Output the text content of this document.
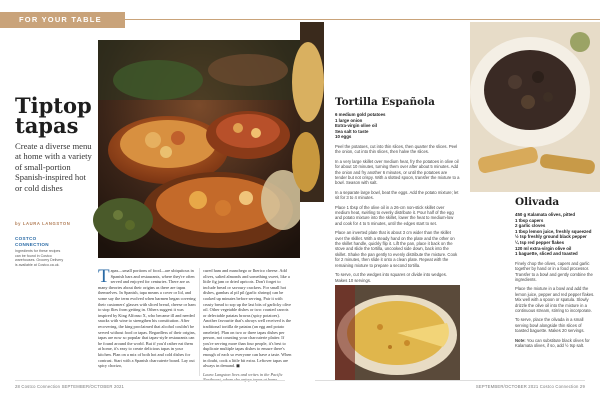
FOR YOUR TABLE
Tiptop tapas

Create a diverse menu at home with a variety of small-portion Spanish-inspired hot or cold dishes

by LAURA LANGSTON
COSTCO CONNECTION
Ingredients for these recipes can be found in Costco warehouses. Grocery Delivery is available at Costco.ca.uk.
Tapas—small portions of food—are ubiquitous in Spanish bars and restaurants, where they're often served and enjoyed for centuries. There are as many theories about their origins as there are tapas themselves. In Spanish, tapa means a cover or lid, and some say the term evolved when barmen began covering their customers' glasses with sliced bread, cheese or ham to stop flies from getting in. Others suggest it was inspired by King Alfonso X, who became ill and needed snacks with wine to strengthen his constitution. After recovering, the king proclaimed that alcohol couldn't be served without food or tapas. Regardless of their origins, tapas are now so popular that tapas-style restaurants can be found around the world. But if you'd rather eat them at home, it's easy to create delicious tapas in your kitchen. Plan on a mix of both hot and cold dishes for contrast. Start with a Spanish charcuterie board. Lay out spicy chorizo,
cured ham and manchego or Iberico cheese. Add olives, salted almonds and something sweet, like a little fig jam or dried apricots. Don't forget to include bread or savoury crackers. For small hot dishes, gambas al pil pil (garlic shrimp) can be cooked up minutes before serving. Pair it with crusty bread to sop up the last bits of garlicky olive oil. Other vegetable dishes or two: roasted carrots or delectable patatas bravas (spicy potatoes). Another favourite that's always well received is the traditional tortilla de patatas (an egg and potato omelette). Plan on two or three tapas dishes per person, not counting your charcuterie platter. If you're serving more than four people, it's best to duplicate multiple tapas dishes to ensure there's enough of each so everyone can have a taste. When in doubt, cook a little bit extra. Leftover tapas are always in demand. ◼
Laura Langston lives and writes in the Pacific
28 Costco Connection SEPTEMBER/OCTOBER 2021
Tortilla Española
6 medium gold potatoes
1 large onion
Extra-virgin olive oil
Sea salt to taste
10 eggs
Peel the potatoes, cut into thin slices, then quarter the slices. Peel the onion, cut into thin slices, then halve the slices.
In a very large skillet over medium heat, fry the potatoes in olive oil for about 10 minutes, turning them over after about 5 minutes. Add the onion and fry another 6 minutes, or until the potatoes are tender but not crispy. With a slotted spoon, transfer the mixture to a bowl. Season with salt.
In a separate large bowl, beat the eggs. Add the potato mixture; let sit for 3 to 4 minutes.
Place 1 tbsp of the olive oil in a 26-cm non-stick skillet over medium heat, swirling to evenly distribute it. Pour half of the egg and potato mixture into the skillet, lower the heat to medium-low and cook for 4 to 5 minutes, until the edges start to set.
Place an inverted plate that is about 3 cm wider than the skillet over the skillet. With a steady hand on the plate and the other on the skillet handle, quickly flip it. Lift the pan, place it back on the stove and slide the tortilla, uncooked side down, back into the skillet. Shake the pan gently to evenly distribute the mixture. Cook for 2 minutes, then slide it onto a clean plate. Repeat with the remaining mixture to prepare a second tortilla.
To serve, cut the wedges into squares or divide into wedges. Makes 10 servings.
Olivada
450 g Kalamata olives, pitted
1 tbsp capers
2 garlic cloves
1 tbsp lemon juice, freshly squeezed
½ tsp freshly ground black pepper
¼ tsp red pepper flakes
120 ml extra-virgin olive oil
1 baguette, sliced and toasted
Finely chop the olives, capers and garlic together by hand or in a food processor. Transfer to a bowl and gently combine the ingredients.
Place the mixture in a bowl and add the lemon juice, pepper and red pepper flakes. Mix well with a spoon or spatula. Slowly drizzle the olive oil into the mixture in a continuous stream, stirring to incorporate.
To serve, place the olivada in a small serving bowl alongside thin slices of toasted baguette. Makes 20 servings.
Note: You can substitute black olives for Kalamata olives, if so, add ½ tsp salt.
SEPTEMBER/OCTOBER 2021 Costco Connection 29
